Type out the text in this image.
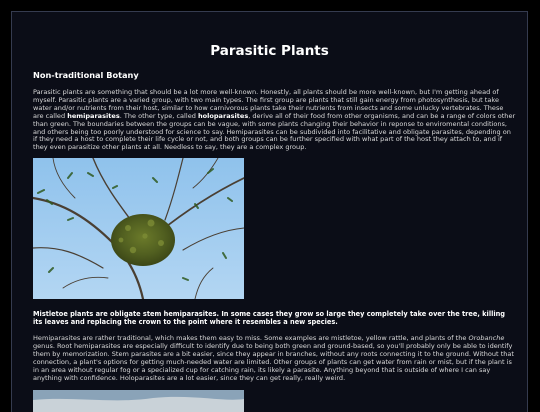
Parasitic Plants
Non-traditional Botany
Parasitic plants are something that should be a lot more well-known. Honestly, all plants should be more well-known, but I'm getting ahead of myself. Parasitic plants are a varied group, with two main types. The first group are plants that still gain energy from photosynthesis, but take water and/or nutrients from their host, similar to how carnivorous plants take their nutrients from insects and some unlucky vertebrates. These are called hemiparasites. The other type, called holoparasites, derive all of their food from other organisms, and can be a range of colors other than green. The boundaries between the groups can be vague, with some plants changing their behavior in reponse to enviromental conditions, and others being too poorly understood for science to say. Hemiparasites can be subdivided into facilitative and obligate parasites, depending on if they need a host to complete their life cycle or not, and both groups can be further specified with what part of the host they attach to, and if they even parasitize other plants at all. Needless to say, they are a complex group.
Mistletoe plants are obligate stem hemiparasites. In some cases they grow so large they completely take over the tree, killing its leaves and replacing the crown to the point where it resembles a new species.
Hemiparasites are rather traditional, which makes them easy to miss. Some examples are mistletoe, yellow rattle, and plants of the Orobanche genus. Root hemiparasites are especially difficult to identify due to being both green and ground-based, so you'll probably only be able to identify them by memorization. Stem parasites are a bit easier, since they appear in branches, without any roots connecting it to the ground. Without that connection, a plant's options for getting much-needed water are limited. Other groups of plants can get water from rain or mist, but if the plant is in an area without regular fog or a specialized cup for catching rain, its likely a parasite. Anything beyond that is outside of where I can say anything with confidence. Holoparasites are a lot easier, since they can get really, really weird.
